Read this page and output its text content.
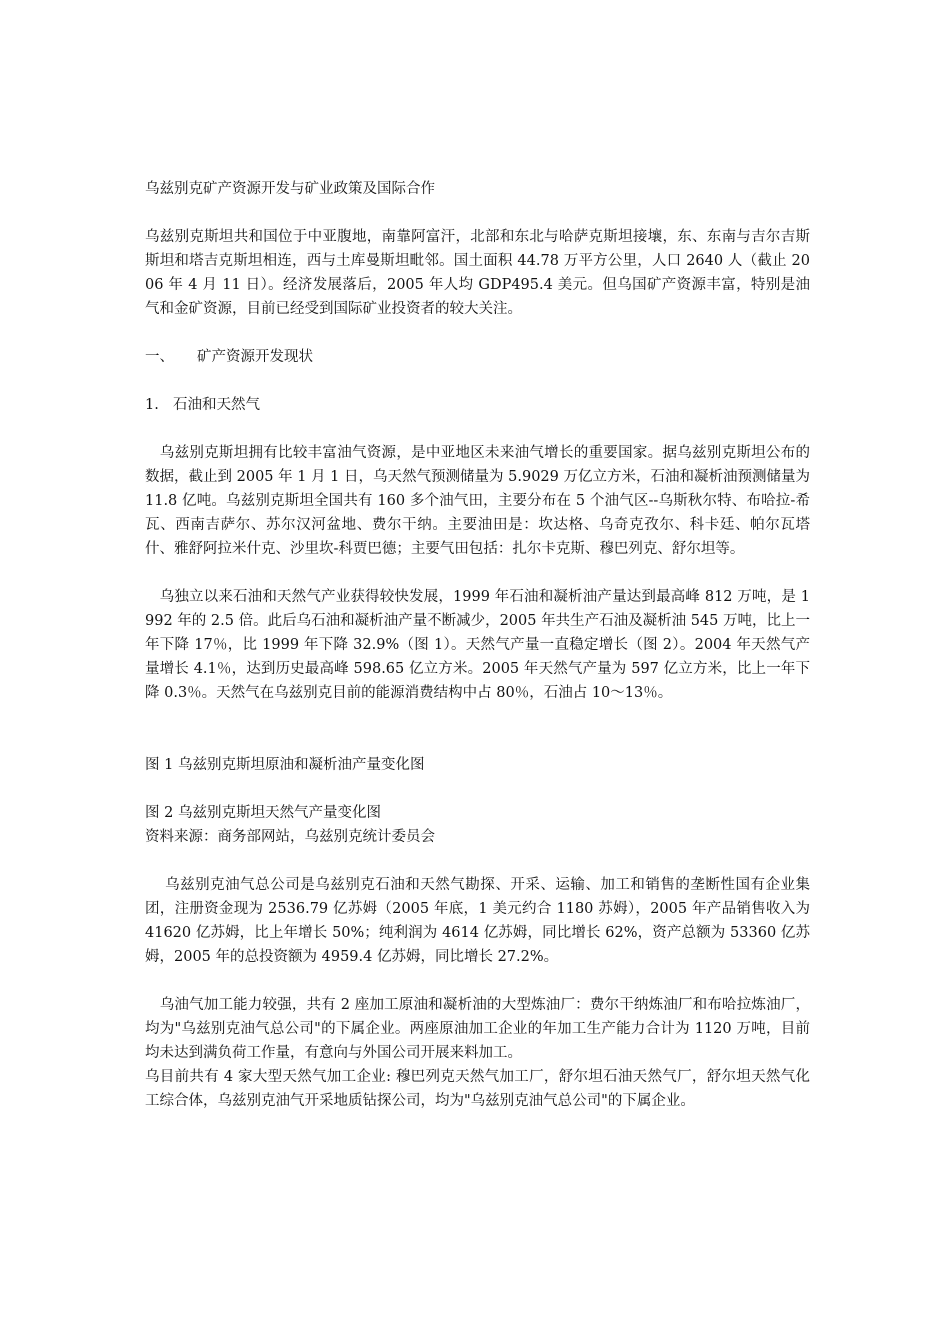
乌兹别克矿产资源开发与矿业政策及国际合作

乌兹别克斯坦共和国位于中亚腹地，南靠阿富汗，北部和东北与哈萨克斯坦接壤，东、东南与吉尔吉斯斯坦和塔吉克斯坦相连，西与土库曼斯坦毗邻。国土面积 44.78 万平方公里，人口 2640 人（截止 2006 年 4 月 11 日）。经济发展落后，2005 年人均 GDP495.4 美元。但乌国矿产资源丰富，特别是油气和金矿资源，目前已经受到国际矿业投资者的较大关注。

一、	矿产资源开发现状
1. 石油和天然气

　乌兹别克斯坦拥有比较丰富油气资源，是中亚地区未来油气增长的重要国家。据乌兹别克斯坦公布的数据，截止到 2005 年 1 月 1 日，乌天然气预测储量为 5.9029 万亿立方米，石油和凝析油预测储量为 11.8 亿吨。乌兹别克斯坦全国共有 160 多个油气田，主要分布在 5 个油气区--乌斯秋尔特、布哈拉-希瓦、西南吉萨尔、苏尔汉河盆地、费尔干纳。主要油田是：坎达格、乌奇克孜尔、科卡廷、帕尔瓦塔什、雅舒阿拉米什克、沙里坎-科贾巴德；主要气田包括：扎尔卡克斯、穆巴列克、舒尔坦等。

　乌独立以来石油和天然气产业获得较快发展，1999 年石油和凝析油产量达到最高峰 812 万吨，是 1992 年的 2.5 倍。此后乌石油和凝析油产量不断减少，2005 年共生产石油及凝析油 545 万吨，比上一年下降 17％，比 1999 年下降 32.9%（图 1）。天然气产量一直稳定增长（图 2）。2004 年天然气产量增长 4.1％，达到历史最高峰 598.65 亿立方米。2005 年天然气产量为 597 亿立方米，比上一年下降 0.3％。天然气在乌兹别克目前的能源消费结构中占 80％，石油占 10～13％。

图 1 乌兹别克斯坦原油和凝析油产量变化图

图 2 乌兹别克斯坦天然气产量变化图

资料来源：商务部网站，乌兹别克统计委员会

　 乌兹别克油气总公司是乌兹别克石油和天然气勘探、开采、运输、加工和销售的垄断性国有企业集团，注册资金现为 2536.79 亿苏姆（2005 年底，1 美元约合 1180 苏姆），2005 年产品销售收入为 41620 亿苏姆，比上年增长 50%；纯利润为 4614 亿苏姆，同比增长 62%，资产总额为 53360 亿苏姆，2005 年的总投资额为 4959.4 亿苏姆，同比增长 27.2%。

　乌油气加工能力较强，共有 2 座加工原油和凝析油的大型炼油厂：费尔干纳炼油厂和布哈拉炼油厂，均为"乌兹别克油气总公司"的下属企业。两座原油加工企业的年加工生产能力合计为 1120 万吨，目前均未达到满负荷工作量，有意向与外国公司开展来料加工。

乌目前共有 4 家大型天然气加工企业: 穆巴列克天然气加工厂，舒尔坦石油天然气厂，舒尔坦天然气化工综合体，乌兹别克油气开采地质钻探公司，均为"乌兹别克油气总公司"的下属企业。
